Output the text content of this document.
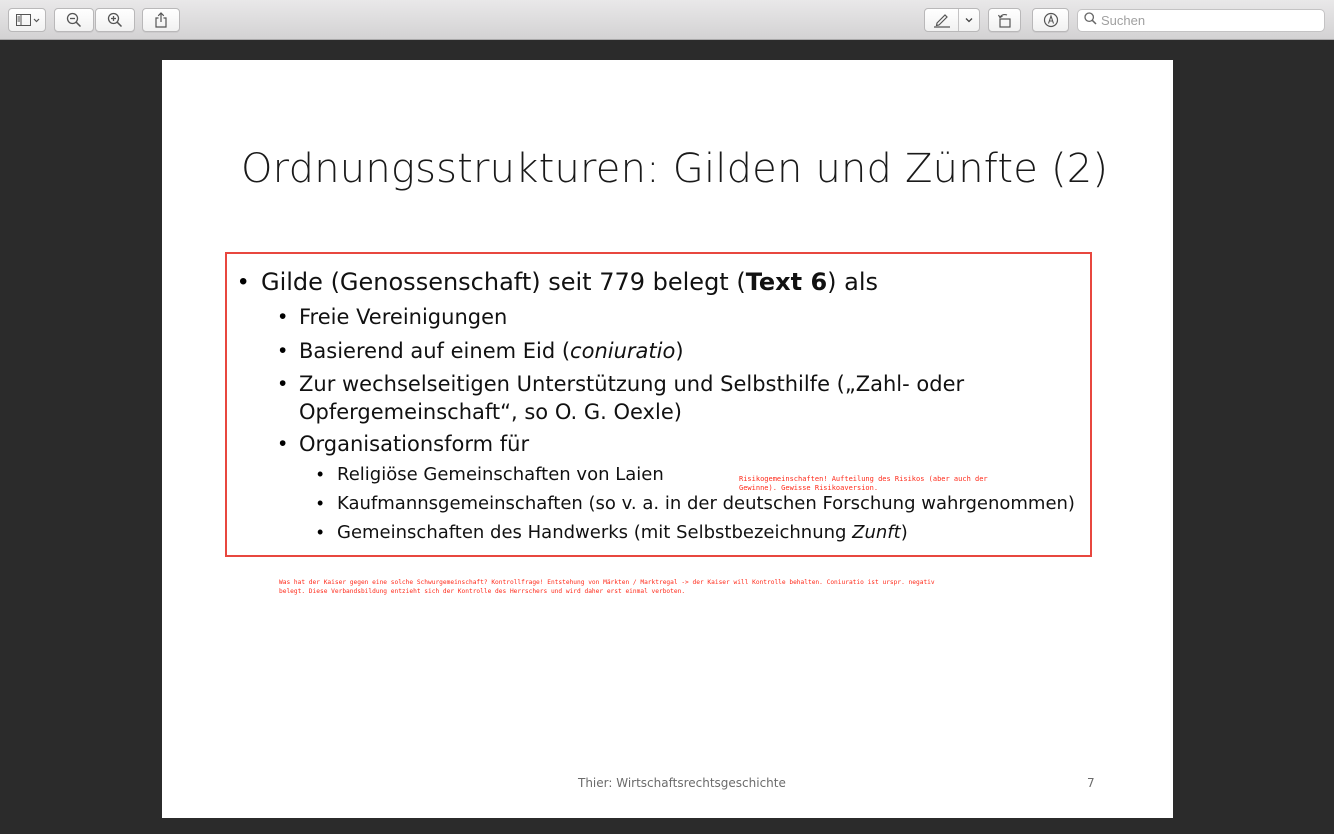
Suchen
Ordnungsstrukturen: Gilden und Zünfte (2)
• Gilde (Genossenschaft) seit 779 belegt (Text 6) als
• Freie Vereinigungen
• Basierend auf einem Eid (coniuratio)
• Zur wechselseitigen Unterstützung und Selbsthilfe („Zahl- oder
Opfergemeinschaft“, so O. G. Oexle)
• Organisationsform für
• Religiöse Gemeinschaften von Laien
• Kaufmannsgemeinschaften (so v. a. in der deutschen Forschung wahrgenommen)
• Gemeinschaften des Handwerks (mit Selbstbezeichnung Zunft)
Risikogemeinschaften! Aufteilung des Risikos (aber auch der
Gewinne). Gewisse Risikoaversion.
Was hat der Kaiser gegen eine solche Schwurgemeinschaft? Kontrollfrage! Entstehung von Märkten / Marktregal -> der Kaiser will Kontrolle behalten. Coniuratio ist urspr. negativ
belegt. Diese Verbandsbildung entzieht sich der Kontrolle des Herrschers und wird daher erst einmal verboten.
Thier: Wirtschaftsrechtsgeschichte	7
